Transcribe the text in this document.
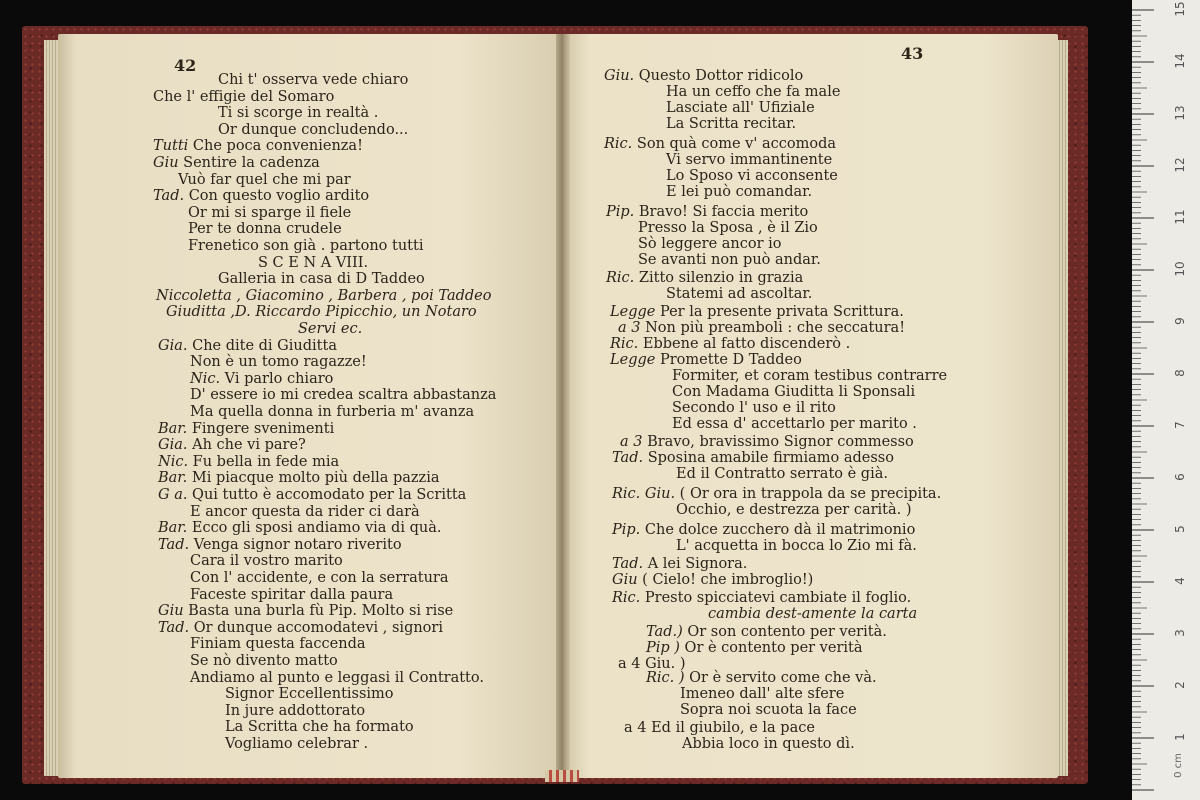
42
Chi t' osserva vede chiaro
Che l' effigie del Somaro
Ti si scorge in realtà .
Or dunque concludendo...
Tutti Che poca convenienza!
Giu Sentire la cadenza
Vuò far quel che mi par
Tad. Con questo voglio ardito
Or mi si sparge il fiele
Per te donna crudele
Frenetico son già . partono tutti
S C E N A VIII.
Galleria in casa di D Taddeo
Niccoletta , Giacomino , Barbera , poi Taddeo
Giuditta ,D. Riccardo Pipicchio, un Notaro
Servi ec.
Gia. Che dite di Giuditta
Non è un tomo ragazze!
Nic. Vi parlo chiaro
D' essere io mi credea scaltra abbastanza
Ma quella donna in furberia m' avanza
Bar. Fingere svenimenti
Gia. Ah che vi pare?
Nic. Fu bella in fede mia
Bar. Mi piacque molto più della pazzia
G a. Qui tutto è accomodato per la Scritta
E ancor questa da rider ci darà
Bar. Ecco gli sposi andiamo via di quà.
Tad. Venga signor notaro riverito
Cara il vostro marito
Con l' accidente, e con la serratura
Faceste spiritar dalla paura
Giu Basta una burla fù Pip. Molto si rise
Tad. Or dunque accomodatevi , signori
Finiam questa faccenda
Se nò divento matto
Andiamo al punto e leggasi il Contratto.
Signor Eccellentissimo
In jure addottorato
La Scritta che ha formato
Vogliamo celebrar .
43
Giu. Questo Dottor ridicolo
Ha un ceffo che fa male
Lasciate all' Ufiziale
La Scritta recitar.
Ric. Son quà come v' accomoda
Vi servo immantinente
Lo Sposo vi acconsente
E lei può comandar.
Pip. Bravo! Si faccia merito
Presso la Sposa , è il Zio
Sò leggere ancor io
Se avanti non può andar.
Ric. Zitto silenzio in grazia
Statemi ad ascoltar.
Legge Per la presente privata Scrittura.
a 3 Non più preamboli : che seccatura!
Ric. Ebbene al fatto discenderò .
Legge Promette D Taddeo
Formiter, et coram testibus contrarre
Con Madama Giuditta li Sponsali
Secondo l' uso e il rito
Ed essa d' accettarlo per marito .
a 3 Bravo, bravissimo Signor commesso
Tad. Sposina amabile firmiamo adesso
Ed il Contratto serrato è già.
Ric. Giu. ( Or ora in trappola da se precipita.
Occhio, e destrezza per carità. )
Pip. Che dolce zucchero dà il matrimonio
L' acquetta in bocca lo Zio mi fà.
Tad. A lei Signora.
Giu ( Cielo! che imbroglio!)
Ric. Presto spicciatevi cambiate il foglio.
cambia dest-amente la carta
Tad.) Or son contento per verità.
Pip ) Or è contento per verità
a 4 Giu. )
Ric. ) Or è servito come che và.
Imeneo dall' alte sfere
Sopra noi scuota la face
a 4 Ed il giubilo, e la pace
Abbia loco in questo dì.
15
14
13
12
11
10
9
8
7
6
5
4
3
2
1
0 cm
